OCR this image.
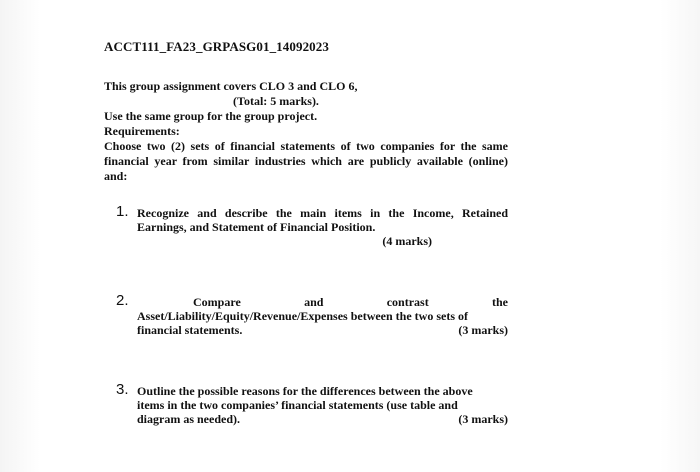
ACCT111_FA23_GRPASG01_14092023
This group assignment covers CLO 3 and CLO 6,
(Total: 5 marks).
Use the same group for the group project.
Requirements:
Choose two (2) sets of financial statements of two companies for the same financial year from similar industries which are publicly available (online) and:
1. Recognize and describe the main items in the Income, Retained Earnings, and Statement of Financial Position.
(4 marks)
2.	Compare	and	contrast	the
Asset/Liability/Equity/Revenue/Expenses between the two sets of
financial statements.	(3 marks)
3. Outline the possible reasons for the differences between the above
items in the two companies’ financial statements (use table and
diagram as needed).	(3 marks)
